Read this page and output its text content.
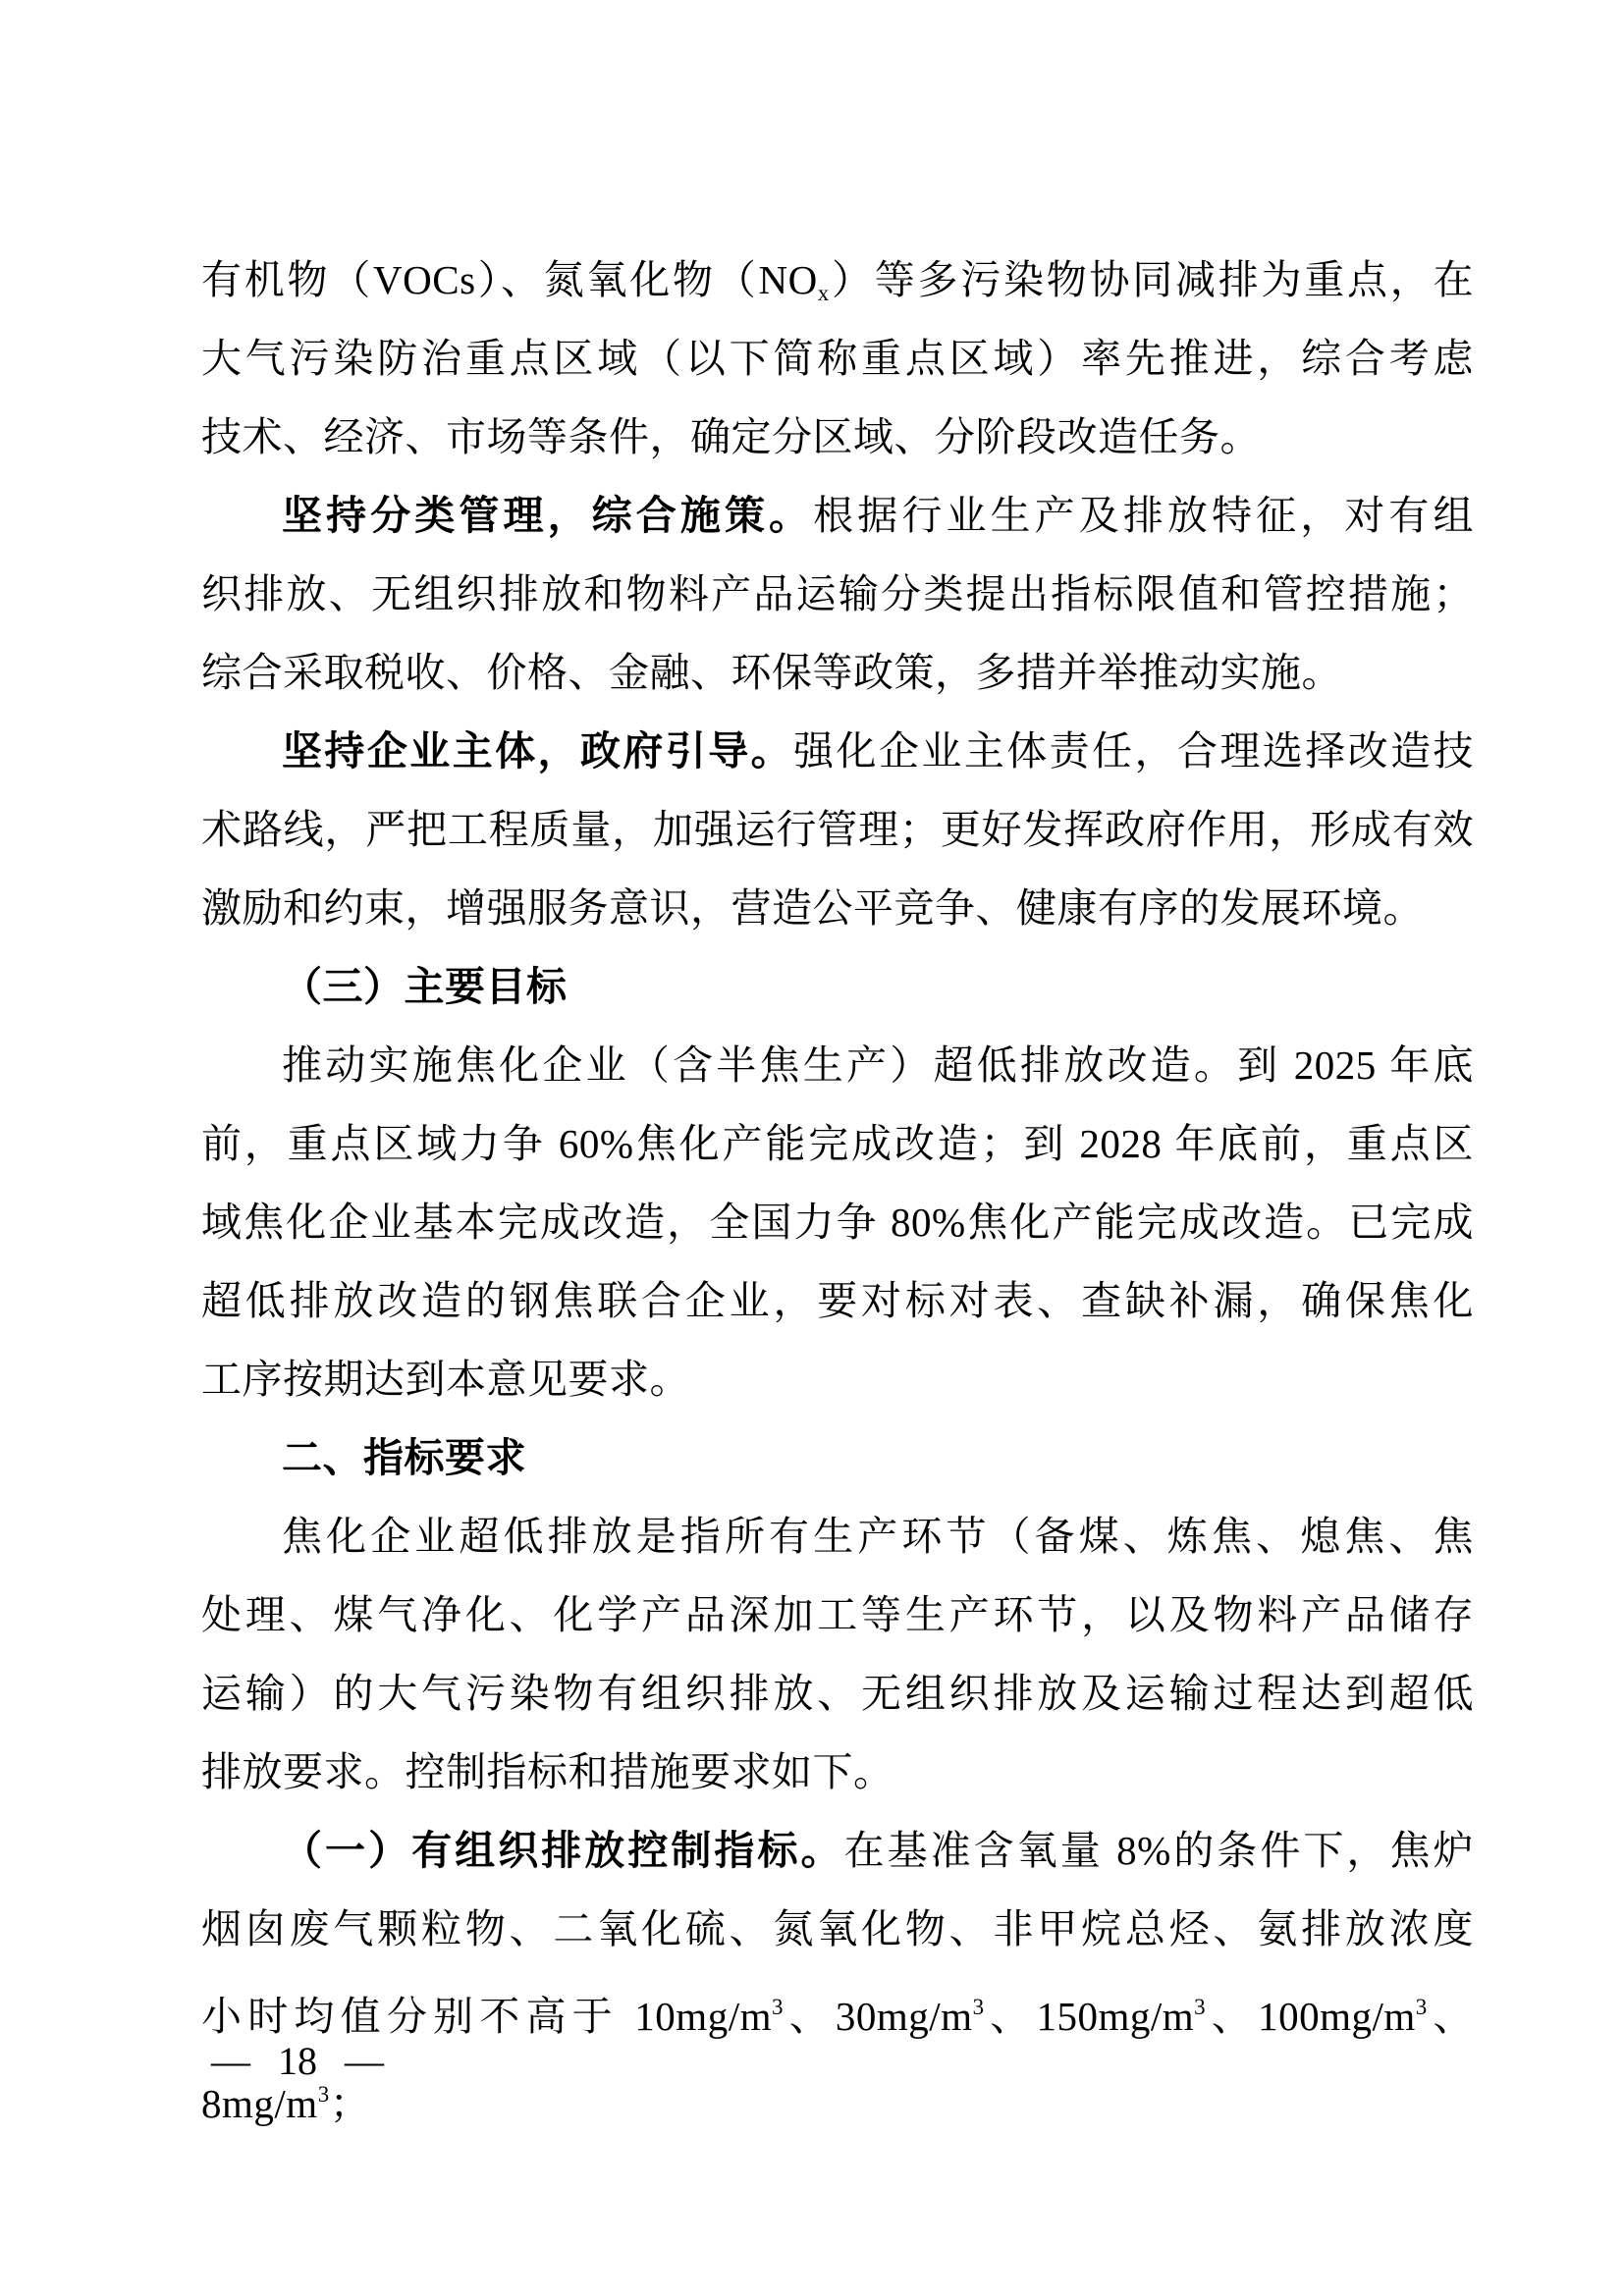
有机物（VOCs）、氮氧化物$(NO_x)$等多污染物协同减排为重点，在
大气污染防治重点区域（以下简称重点区域）率先推进，综合考虑
技术、经济、市场等条件，确定分区域、分阶段改造任务。
坚持分类管理，综合施策。根据行业生产及排放特征，对有组
织排放、无组织排放和物料产品运输分类提出指标限值和管控措施；
综合采取税收、价格、金融、环保等政策，多措并举推动实施。
坚持企业主体，政府引导。强化企业主体责任，合理选择改造技
术路线，严把工程质量，加强运行管理；更好发挥政府作用，形成有效
激励和约束，增强服务意识，营造公平竞争、健康有序的发展环境。
（三）主要目标
推动实施焦化企业（含半焦生产）超低排放改造。到 2025 年底
前，重点区域力争 60%焦化产能完成改造；到 2028 年底前，重点区
域焦化企业基本完成改造，全国力争 80%焦化产能完成改造。已完成
超低排放改造的钢焦联合企业，要对标对表、查缺补漏，确保焦化
工序按期达到本意见要求。
二、指标要求
焦化企业超低排放是指所有生产环节（备煤、炼焦、熄焦、焦
处理、煤气净化、化学产品深加工等生产环节，以及物料产品储存
运输）的大气污染物有组织排放、无组织排放及运输过程达到超低
排放要求。控制指标和措施要求如下。
（一）有组织排放控制指标。在基准含氧量 8%的条件下，焦炉
烟囱废气颗粒物、二氧化硫、氮氧化物、非甲烷总烃、氨排放浓度
小时均值分别不高于 $10mg/m^3$、$30mg/m^3$、$150mg/m^3$、$100mg/m^3$、$8mg/m^3$；
— 18 —
